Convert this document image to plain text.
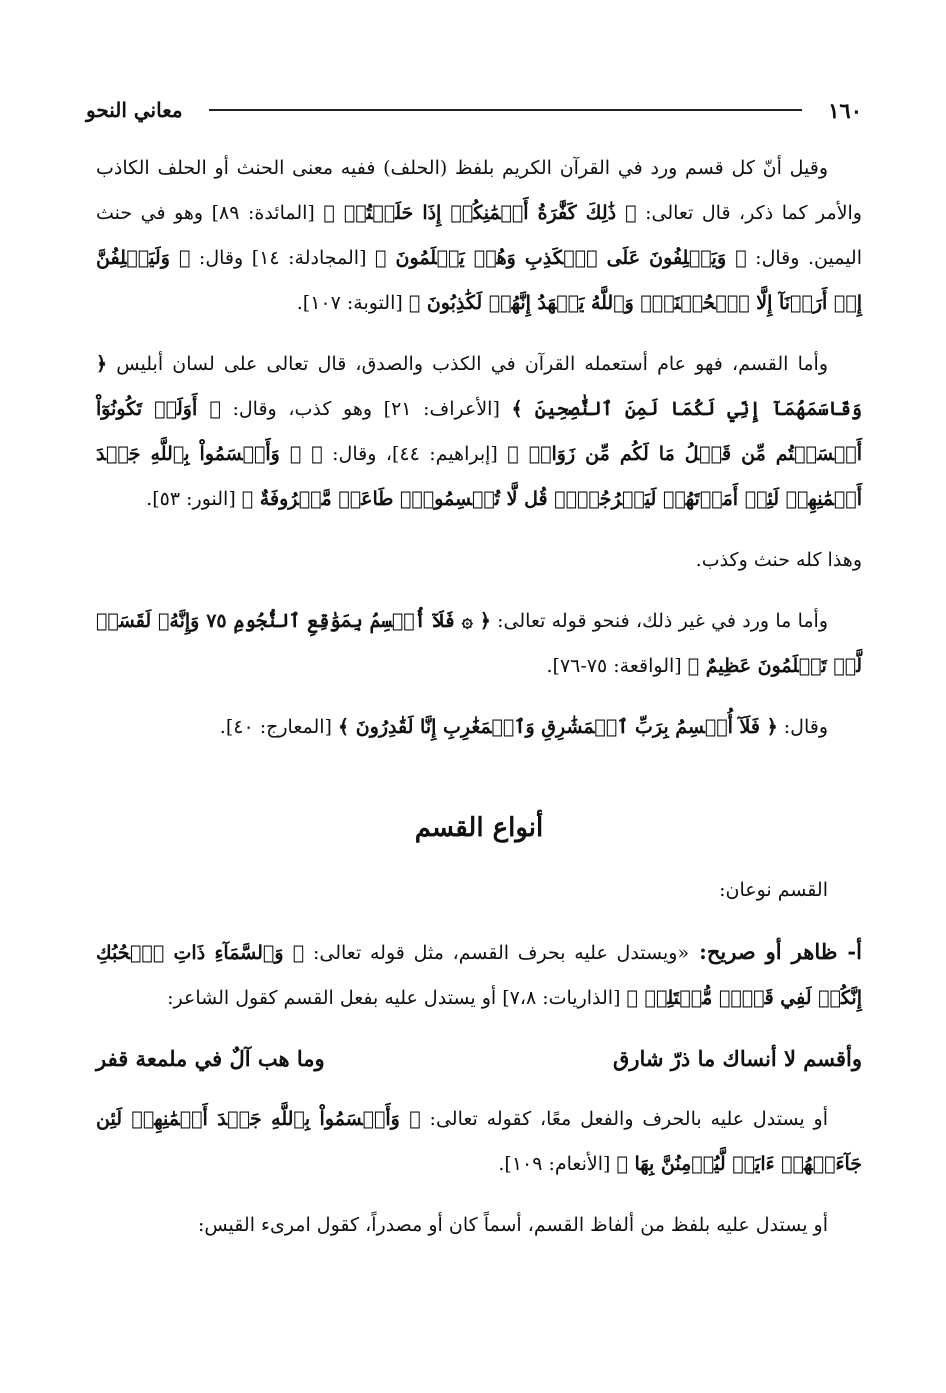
١٦٠
معاني النحو

وقيل أنّ كل قسم ورد في القرآن الكريم بلفظ (الحلف) ففيه معنى الحنث أو الحلف الكاذب والأمر كما ذكر، قال تعالى: ﴿ ذَٰلِكَ كَفَّٰرَةُ أَيۡمَٰنِكُمۡ إِذَا حَلَفۡتُمۡ ﴾ [المائدة: ٨٩] وهو في حنث اليمين. وقال: ﴿ وَيَحۡلِفُونَ عَلَى ٱلۡكَذِبِ وَهُمۡ يَعۡلَمُونَ ﴾ [المجادلة: ١٤] وقال: ﴿ وَلَيَحۡلِفُنَّ إِنۡ أَرَدۡنَآ إِلَّا ٱلۡحُسۡنَىٰۖ وَٱللَّهُ يَشۡهَدُ إِنَّهُمۡ لَكَٰذِبُونَ ﴾ [التوبة: ١٠٧].

وأما القسم، فهو عام أستعمله القرآن في الكذب والصدق، قال تعالى على لسان أبليس ﴿ وَقَاسَمَهُمَآ إِنِّي لَكُمَا لَمِنَ ٱلنَّٰصِحِينَ ﴾ [الأعراف: ٢١] وهو كذب، وقال: ﴿ أَوَلَمۡ تَكُونُوٓاْ أَقۡسَمۡتُم مِّن قَبۡلُ مَا لَكُم مِّن زَوَالٖ ﴾ [إبراهيم: ٤٤]، وقال: ﴿ ۞ وَأَقۡسَمُواْ بِٱللَّهِ جَهۡدَ أَيۡمَٰنِهِمۡ لَئِنۡ أَمَرۡتَهُمۡ لَيَخۡرُجُنَّۖ قُل لَّا تُقۡسِمُواْۖ طَاعَةٞ مَّعۡرُوفَةٌ ﴾ [النور: ٥٣].

وهذا كله حنث وكذب.

وأما ما ورد في غير ذلك، فنحو قوله تعالى: ﴿ ۞ فَلَآ أُقۡسِمُ بِمَوَٰقِعِ ٱلنُّجُومِ ٧٥ وَإِنَّهُۥ لَقَسَمٞ لَّوۡ تَعۡلَمُونَ عَظِيمٌ ﴾ [الواقعة: ٧٥-٧٦].

وقال: ﴿ فَلَآ أُقۡسِمُ بِرَبِّ ٱلۡمَشَٰرِقِ وَٱلۡمَغَٰرِبِ إِنَّا لَقَٰدِرُونَ ﴾ [المعارج: ٤٠].

أنواع القسم

القسم نوعان:

أ- ظاهر أو صريح: «ويستدل عليه بحرف القسم، مثل قوله تعالى: ﴿ وَٱلسَّمَآءِ ذَاتِ ٱلۡحُبُكِ إِنَّكُمۡ لَفِي قَوۡلٖ مُّخۡتَلِفٖ ﴾ [الذاريات: ٧،٨] أو يستدل عليه بفعل القسم كقول الشاعر:

وأقسم لا أنساك ما ذرّ شارق
وما هب آلٌ في ملمعة قفر

أو يستدل عليه بالحرف والفعل معًا، كقوله تعالى: ﴿ وَأَقۡسَمُواْ بِٱللَّهِ جَهۡدَ أَيۡمَٰنِهِمۡ لَئِن جَآءَتۡهُمۡ ءَايَةٞ لَّيُؤۡمِنُنَّ بِهَا ﴾ [الأنعام: ١٠٩].

أو يستدل عليه بلفظ من ألفاظ القسم، أسماً كان أو مصدراً، كقول امرىء القيس:
